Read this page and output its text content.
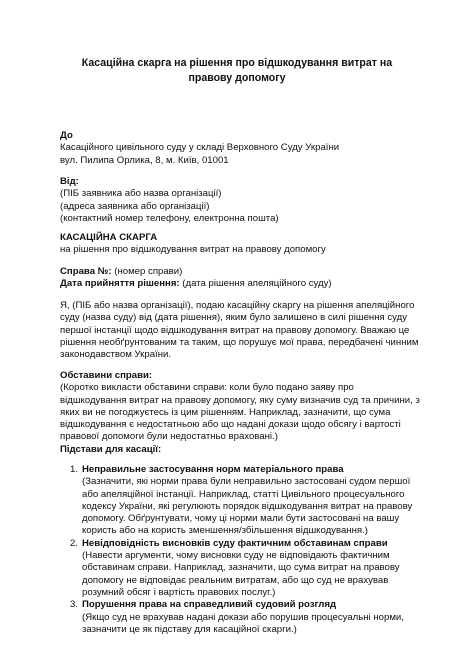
Касаційна скарга на рішення про відшкодування витрат на правову допомогу

До

Касаційного цивільного суду у складі Верховного Суду України

вул. Пилипа Орлика, 8, м. Київ, 01001

Від:

(ПІБ заявника або назва організації)

(адреса заявника або організації)

(контактний номер телефону, електронна пошта)

КАСАЦІЙНА СКАРГА

на рішення про відшкодування витрат на правову допомогу

Справа №: (номер справи)

Дата прийняття рішення: (дата рішення апеляційного суду)

Я, (ПІБ або назва організації), подаю касаційну скаргу на рішення апеляційного суду (назва суду) від (дата рішення), яким було залишено в силі рішення суду першої інстанції щодо відшкодування витрат на правову допомогу. Вважаю це рішення необґрунтованим та таким, що порушує мої права, передбачені чинним законодавством України.

Обставини справи:

(Коротко викласти обставини справи: коли було подано заяву про відшкодування витрат на правову допомогу, яку суму визначив суд та причини, з яких ви не погоджуєтесь із цим рішенням. Наприклад, зазначити, що сума відшкодування є недостатньою або що надані докази щодо обсягу і вартості правової допомоги були недостатньо враховані.)

Підстави для касації:

1. Неправильне застосування норм матеріального права

(Зазначити, які норми права були неправильно застосовані судом першої або апеляційної інстанції. Наприклад, статті Цивільного процесуального кодексу України, які регулюють порядок відшкодування витрат на правову допомогу. Обґрунтувати, чому ці норми мали бути застосовані на вашу користь або на користь зменшення/збільшення відшкодування.)

2. Невідповідність висновків суду фактичним обставинам справи

(Навести аргументи, чому висновки суду не відповідають фактичним обставинам справи. Наприклад, зазначити, що сума витрат на правову допомогу не відповідає реальним витратам, або що суд не врахував розумний обсяг і вартість правових послуг.)

3. Порушення права на справедливий судовий розгляд

(Якщо суд не врахував надані докази або порушив процесуальні норми, зазначити це як підставу для касаційної скарги.)
